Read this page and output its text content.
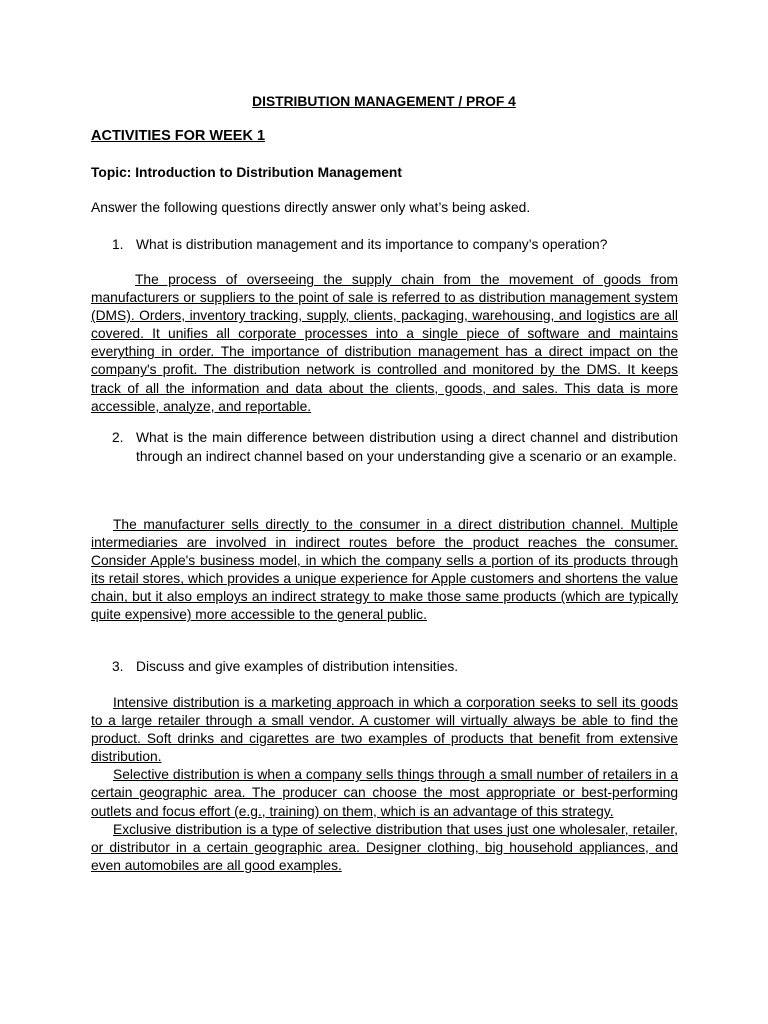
DISTRIBUTION MANAGEMENT / PROF 4
ACTIVITIES FOR WEEK 1
Topic: Introduction to Distribution Management
Answer the following questions directly answer only what’s being asked.
1. What is distribution management and its importance to company’s operation?

The process of overseeing the supply chain from the movement of goods from manufacturers or suppliers to the point of sale is referred to as distribution management system (DMS). Orders, inventory tracking, supply, clients, packaging, warehousing, and logistics are all covered. It unifies all corporate processes into a single piece of software and maintains everything in order. The importance of distribution management has a direct impact on the company's profit. The distribution network is controlled and monitored by the DMS. It keeps track of all the information and data about the clients, goods, and sales. This data is more accessible, analyze, and reportable.

2. What is the main difference between distribution using a direct channel and distribution through an indirect channel based on your understanding give a scenario or an example.

The manufacturer sells directly to the consumer in a direct distribution channel. Multiple intermediaries are involved in indirect routes before the product reaches the consumer. Consider Apple's business model, in which the company sells a portion of its products through its retail stores, which provides a unique experience for Apple customers and shortens the value chain, but it also employs an indirect strategy to make those same products (which are typically quite expensive) more accessible to the general public.

3. Discuss and give examples of distribution intensities.

Intensive distribution is a marketing approach in which a corporation seeks to sell its goods to a large retailer through a small vendor. A customer will virtually always be able to find the product. Soft drinks and cigarettes are two examples of products that benefit from extensive distribution.

Selective distribution is when a company sells things through a small number of retailers in a certain geographic area. The producer can choose the most appropriate or best-performing outlets and focus effort (e.g., training) on them, which is an advantage of this strategy.

Exclusive distribution is a type of selective distribution that uses just one wholesaler, retailer, or distributor in a certain geographic area. Designer clothing, big household appliances, and even automobiles are all good examples.
